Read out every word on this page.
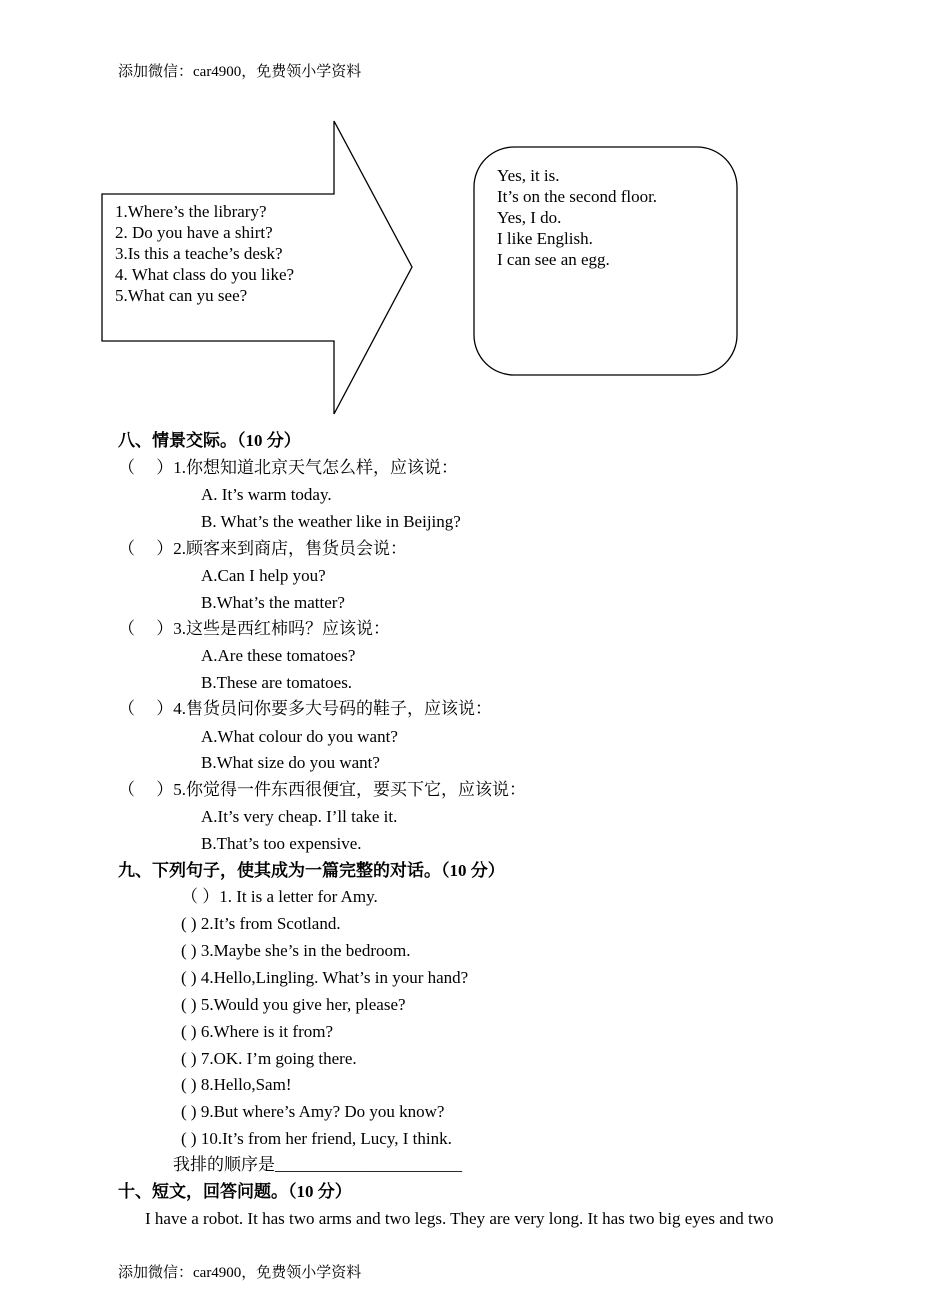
添加微信：car4900，免费领小学资料
1.Where’s the library?
2. Do you have a shirt?
3.Is this a teache’s desk?
4. What class do you like?
5.What can yu see?
Yes, it is.
It’s on the second floor.
Yes, I do.
I like English.
I can see an egg.
八、情景交际。（10 分）
（　 ）1.你想知道北京天气怎么样，应该说：
A. It’s warm today.
B. What’s the weather like in Beijing?
（　 ）2.顾客来到商店，售货员会说：
A.Can I help you?
B.What’s the matter?
（　 ）3.这些是西红柿吗？应该说：
A.Are these tomatoes?
B.These are tomatoes.
（　 ）4.售货员问你要多大号码的鞋子，应该说：
A.What colour do you want?
B.What size do you want?
（　 ）5.你觉得一件东西很便宜，要买下它，应该说：
A.It’s very cheap. I’ll take it.
B.That’s too expensive.
九、下列句子，使其成为一篇完整的对话。（10 分）
（ ）1. It is a letter for Amy.
( ) 2.It’s from Scotland.
( ) 3.Maybe she’s in the bedroom.
( ) 4.Hello,Lingling. What’s in your hand?
( ) 5.Would you give her, please?
( ) 6.Where is it from?
( ) 7.OK. I’m going there.
( ) 8.Hello,Sam!
( ) 9.But where’s Amy? Do you know?
( ) 10.It’s from her friend, Lucy, I think.
我排的顺序是______________________
十、短文，回答问题。（10 分）
I have a robot. It has two arms and two legs. They are very long. It has two big eyes and two
添加微信：car4900，免费领小学资料
